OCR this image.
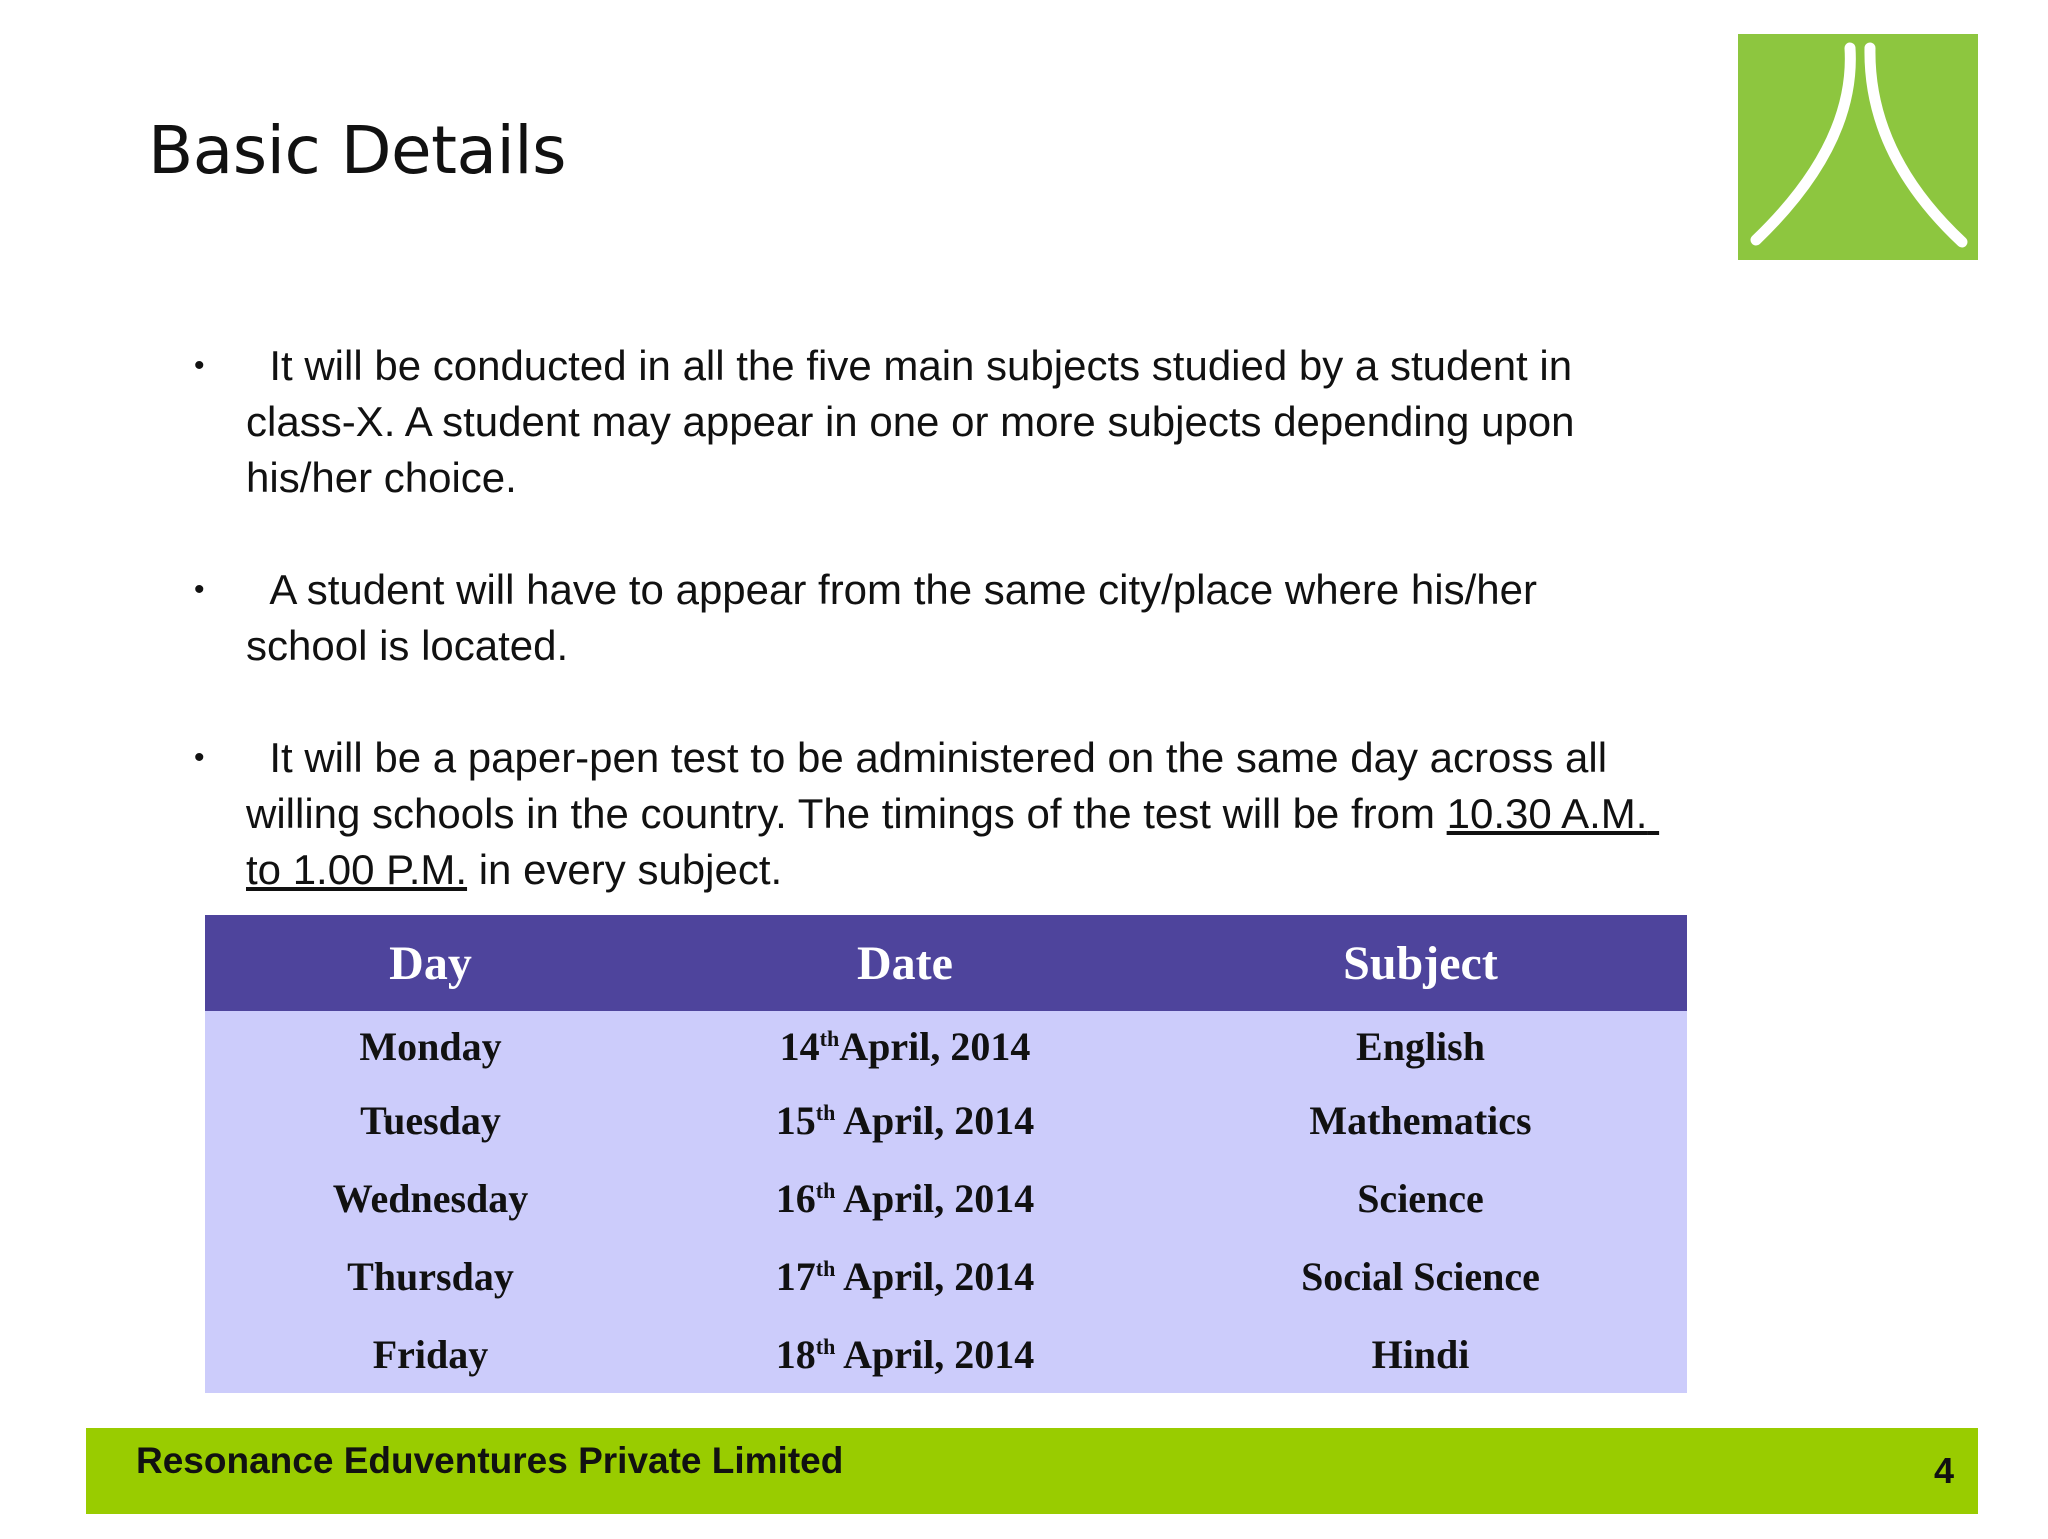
Basic Details
• It will be conducted in all the five main subjects studied by a student in class-X. A student may appear in one or more subjects depending upon his/her choice.
• A student will have to appear from the same city/place where his/her school is located.
• It will be a paper-pen test to be administered on the same day across all willing schools in the country. The timings of the test will be from 10.30 A.M. to 1.00 P.M. in every subject.
Day	Date	Subject
Monday	14thApril, 2014	English
Tuesday	15th April, 2014	Mathematics
Wednesday	16th April, 2014	Science
Thursday	17th April, 2014	Social Science
Friday	18th April, 2014	Hindi
Resonance Eduventures Private Limited	4
